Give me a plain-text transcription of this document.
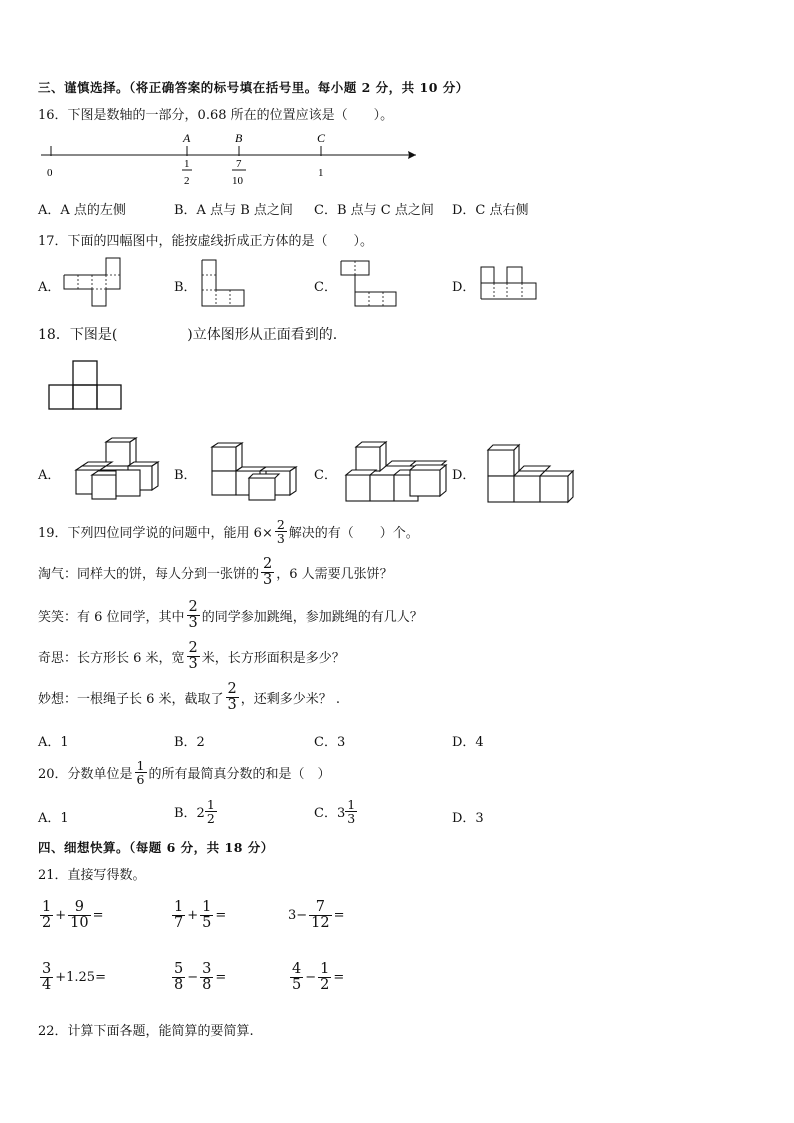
三、谨慎选择。（将正确答案的标号填在括号里。每小题 2 分，共 10 分）
16．下图是数轴的一部分，0.68 所在的位置应该是（　　）。
A	B	C
0
1
2
7
10
1
A．A 点的左侧	B．A 点与 B 点之间 C．B 点与 C 点之间 D．C 点右侧
17．下面的四幅图中，能按虚线折成正方体的是（　　）。
A．	B．	C．	D．
18．下图是(　　　　　)立体图形从正面看到的.
A．	B．	C．	D．
19．下列四位同学说的问题中，能用 $6\times \frac{2}{3}$ 解决的有（　　）个。
淘气：同样大的饼，每人分到一张饼的 $\frac{2}{3}$ ，6 人需要几张饼？
笑笑：有 6 位同学，其中 $\frac{2}{3}$ 的同学参加跳绳，参加跳绳的有几人？
奇思：长方形长 6 米，宽 $\frac{2}{3}$ 米，长方形面积是多少？
妙想：一根绳子长 6 米，截取了 $\frac{2}{3}$ ，还剩多少米？ .
A．1	B．2	C．3	D．4
20．分数单位是 $\frac{1}{6}$ 的所有最简真分数的和是（　）
A．1	B．$2 \frac{1}{2}$	C．$3 \frac{1}{3}$	D．3
四、细想快算。（每题 6 分，共 18 分）
21．直接写得数。
$\frac{1}{2} + \frac{9}{10}$ =	$\frac{1}{7} + \frac{1}{5}$ =	$3- \frac{7}{12}$ =
$\frac{3}{4} +1.25=$	$\frac{5}{8} - \frac{3}{8}$ =	$\frac{4}{5} - \frac{1}{2}$ =
22．计算下面各题，能简算的要简算.
